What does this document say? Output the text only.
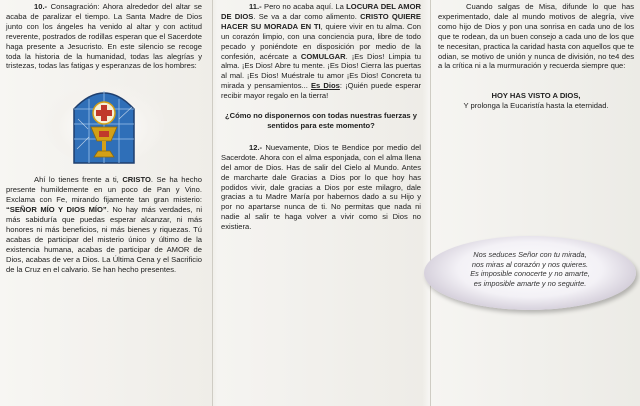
10.- Consagración: Ahora alrededor del altar se acaba de paralizar el tiempo. La Santa Madre de Dios junto con los ángeles ha venido al altar y con actitud reverente, postrados de rodillas esperan que el Sacerdote haga presente a Jesucristo. En este silencio se recoge toda la historia de la humanidad, todas las alegrías y tristezas, todas las fatigas y esperanzas de los hombres:

Ahí lo tienes frente a ti, CRISTO. Se ha hecho presente humildemente en un poco de Pan y Vino. Exclama con Fe, mirando fijamente tan gran misterio: “SEÑOR MÍO Y DIOS MÍO”. No hay más verdades, ni más sabiduría que puedas esperar alcanzar, ni más honores ni más beneficios, ni más bienes y riquezas. Tú acabas de participar del misterio único y último de la existencia humana, acabas de participar de AMOR de Dios, acabas de ver a Dios. La Última Cena y el Sacrificio de la Cruz en el calvario. Se han hecho presentes.

11.- Pero no acaba aquí. La LOCURA DEL AMOR DE DIOS. Se va a dar como alimento. CRISTO QUIERE HACER SU MORADA EN TI, quiere vivir en tu alma. Con un corazón limpio, con una conciencia pura, libre de todo pecado y poniéndote en disposición por medio de la confesión, acércate a COMULGAR. ¡Es Dios! Limpia tu alma. ¡Es Dios! Abre tu mente. ¡Es Dios! Cierra las puertas al mal. ¡Es Dios! Muéstrale tu amor ¡Es Dios! Concreta tu mirada y pensamientos... Es Dios: ¡Quién puede esperar recibir mayor regalo en la tierra!

¿Cómo no disponernos con todas nuestras fuerzas y sentidos para este momento?

12.- Nuevamente, Dios te Bendice por medio del Sacerdote. Ahora con el alma esponjada, con el alma llena del amor de Dios. Has de salir del Cielo al Mundo. Antes de marcharte dale Gracias a Dios por lo que hoy has podidos vivir, dale gracias a Dios por este milagro, dale gracias a tu Madre María por habernos dado a su Hijo y por no apartarse nunca de ti. No permitas que nada ni nadie al salir te haga volver a vivir como si Dios no existiera.

Cuando salgas de Misa, difunde lo que has experimentado, dale al mundo motivos de alegría, vive como hijo de Dios y pon una sonrisa en cada uno de los que te rodean, da un buen consejo a cada uno de los que te necesitan, practica la caridad hasta con aquellos que te odian, se motivo de unión y nunca de división, no te4 des a la crítica ni a la murmuración y recuerda siempre que:

HOY HAS VISTO A DIOS,
Y prolonga la Eucaristía hasta la eternidad.

Nos seduces Señor con tu mirada,
nos miras al corazón y nos quieres.
Es imposible conocerte y no amarte,
es imposible amarte y no seguirte.
